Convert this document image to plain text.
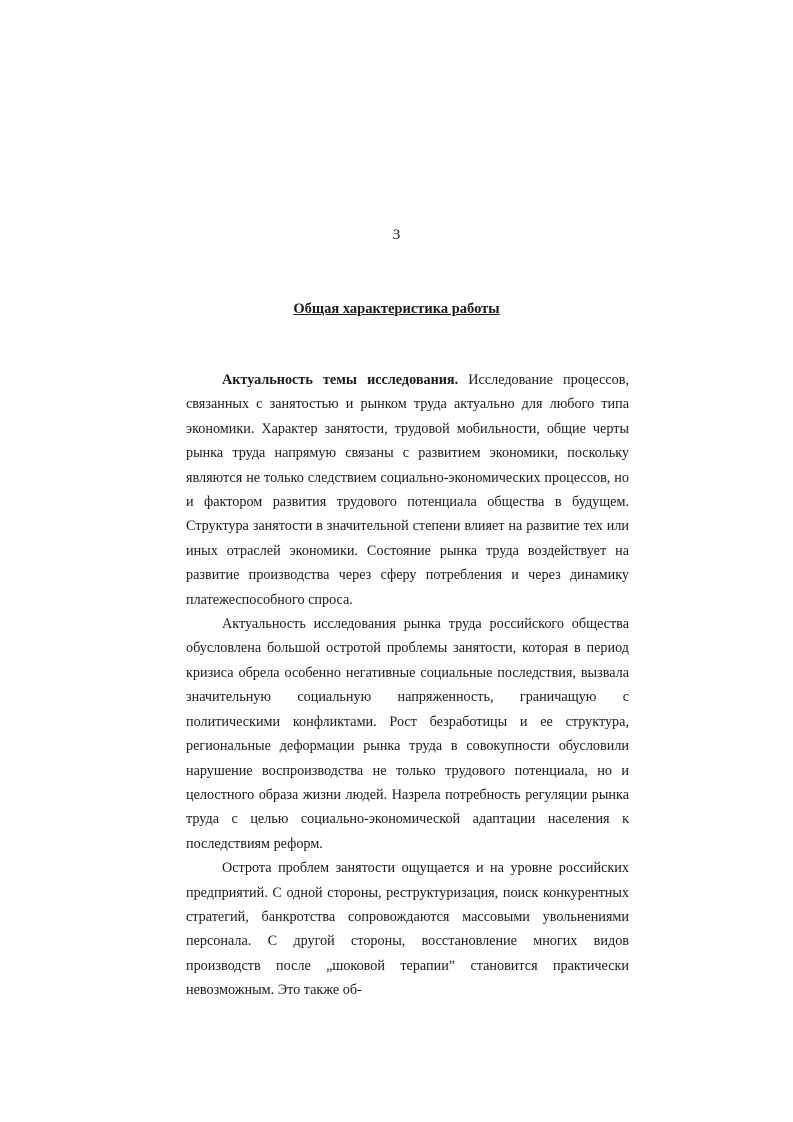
3
Общая характеристика работы

Актуальность темы исследования. Исследование процессов, связанных с занятостью и рынком труда актуально для любого типа экономики. Характер занятости, трудовой мобильности, общие черты рынка труда напрямую связаны с развитием экономики, поскольку являются не только следствием социально-экономических процессов, но и фактором развития трудового потенциала общества в будущем. Структура занятости в значительной степени влияет на развитие тех или иных отраслей экономики. Состояние рынка труда воздействует на развитие производства через сферу потребления и через динамику платежеспособного спроса.

Актуальность исследования рынка труда российского общества обусловлена большой остротой проблемы занятости, которая в период кризиса обрела особенно негативные социальные последствия, вызвала значительную социальную напряженность, граничащую с политическими конфликтами. Рост безработицы и ее структура, региональные деформации рынка труда в совокупности обусловили нарушение воспроизводства не только трудового потенциала, но и целостного образа жизни людей. Назрела потребность регуляции рынка труда с целью социально-экономической адаптации населения к последствиям реформ.

Острота проблем занятости ощущается и на уровне российских предприятий. С одной стороны, реструктуризация, поиск конкурентных стратегий, банкротства сопровождаются массовыми увольнениями персонала. С другой стороны, восстановление многих видов производств после „шоковой терапии” становится практически невозможным. Это также об-
